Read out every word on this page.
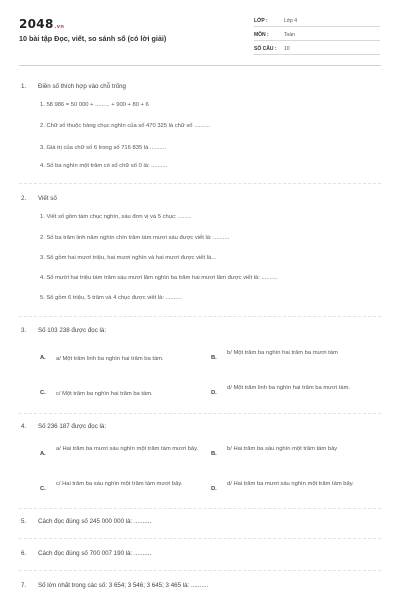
2048.vn
10 bài tập Đọc, viết, so sánh số (có lời giải)
LỚP :	Lớp 4
MÔN :	Toán
SỐ CÂU : 10
1. Điền số thích hợp vào chỗ trống
1. 58 986 = 50 000 + ......... + 900 + 80 + 6
2. Chữ số thuộc hàng chục nghìn của số 470 325 là chữ số ..........
3. Giá trị của chữ số 6 trong số 716 835 là ..........
4. Số ba nghìn một trăm có số chữ số 0 là: ..........
2. Viết số
1. Viết số gồm tám chục nghìn, sáu đơn vị và 5 chục: ........
2. Số ba trăm linh năm nghìn chín trăm tám mươi sáu được viết là: ..........
3. Số gồm hai mươi triệu, hai mươi nghìn và hai mươi được viết là...
4. Số mười hai triệu tám trăm sáu mươi lăm nghìn ba trăm hai mươi lăm được viết là: ..........
5. Số gồm 6 triệu, 5 trăm và 4 chục được viết là: ..........
3. Số 103 238 được đọc là:
A. a/ Một trăm linh ba nghìn hai trăm ba tám.	B.
b/ Một trăm ba nghìn hai trăm ba mươi tám
C. c/ Một trăm ba nghìn hai trăm ba tám.	D.
d/ Một trăm linh ba nghìn hai trăm ba mươi tám.
4. Số 236 187 được đọc là:
A.
a/ Hai trăm ba mươi sáu nghìn một trăm tám mươi bảy.
B.
b/ Hai trăm ba sáu nghìn một trăm tám bảy
C.
c/ Hai trăm ba sáu nghìn một trăm tám mươi bảy.
D.
d/ Hai trăm ba mươi sáu nghìn một trăm tám bảy.
5. Cách đọc đúng số 245 000 000 là: ..........
6. Cách đọc đúng số 700 007 190 là: ..........
7. Số lớn nhất trong các số: 3 654; 3 546; 3 645; 3 465 là: ..........
